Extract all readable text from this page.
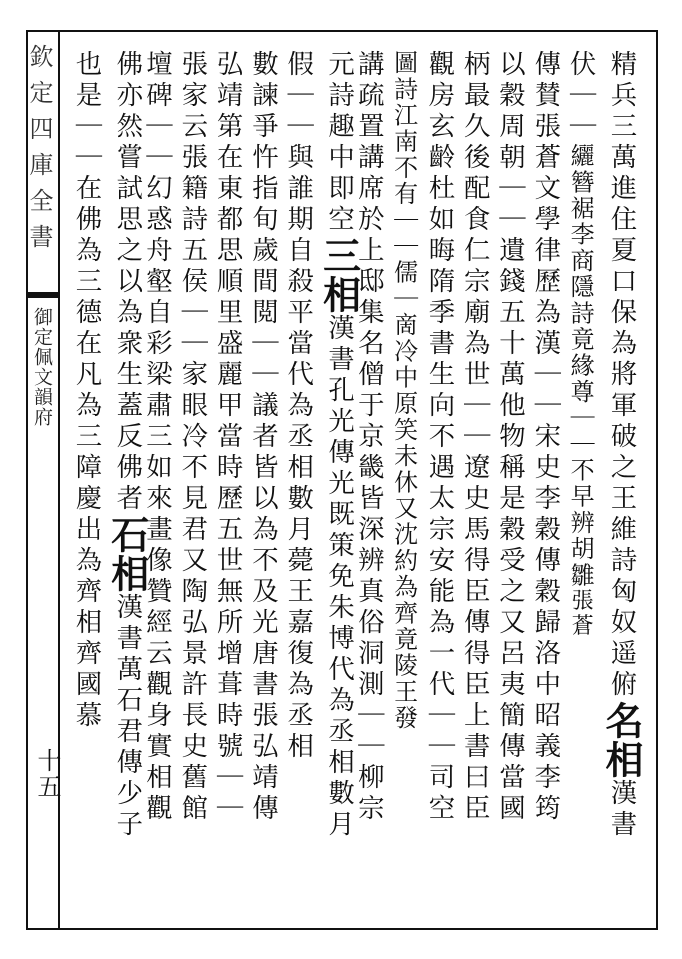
欽定四庫全書
御定佩文韻府
十五
精兵三萬進住夏口保為將軍破之王維詩匈奴遥俯名相漢書
伏｜｜纚簪裾李商隱詩竟緣尊｜｜不早辨胡雛張蒼
傳賛張蒼文學律歷為漢｜｜宋史李穀傳穀歸洛中昭義李筠
以穀周朝｜｜遺錢五十萬他物稱是穀受之又呂夷簡傳當國
柄最久後配食仁宗廟為世｜｜遼史馬得臣傳得臣上書曰臣
觀房玄齡杜如晦隋季書生向不遇太宗安能為一代｜｜司空
圖詩江南不有｜｜儒｜啇冷中原笑未休又沈約為齊竟陵王發
講疏置講席於上邸集名僧于京畿皆深辨真俗洞測｜｜柳宗
元詩趣中即空三相漢書孔光傳光既策免朱博代為丞相數月
假｜｜與誰期自殺平當代為丞相數月薨王嘉復為丞相
數諫爭忤指旬歲間閲｜｜議者皆以為不及光唐書張弘靖傳
弘靖第在東都思順里盛麗甲當時歷五世無所增葺時號｜｜
張家云張籍詩五侯｜｜家眼冷不見君又陶弘景許長史舊館
壇碑｜｜幻惑舟壑自彩梁肅三如來畫像贊經云觀身實相觀
佛亦然嘗試思之以為衆生蓋反佛者石相漢書萬石君傳少子
也是｜｜在佛為三德在凡為三障慶出為齊相齊國慕
